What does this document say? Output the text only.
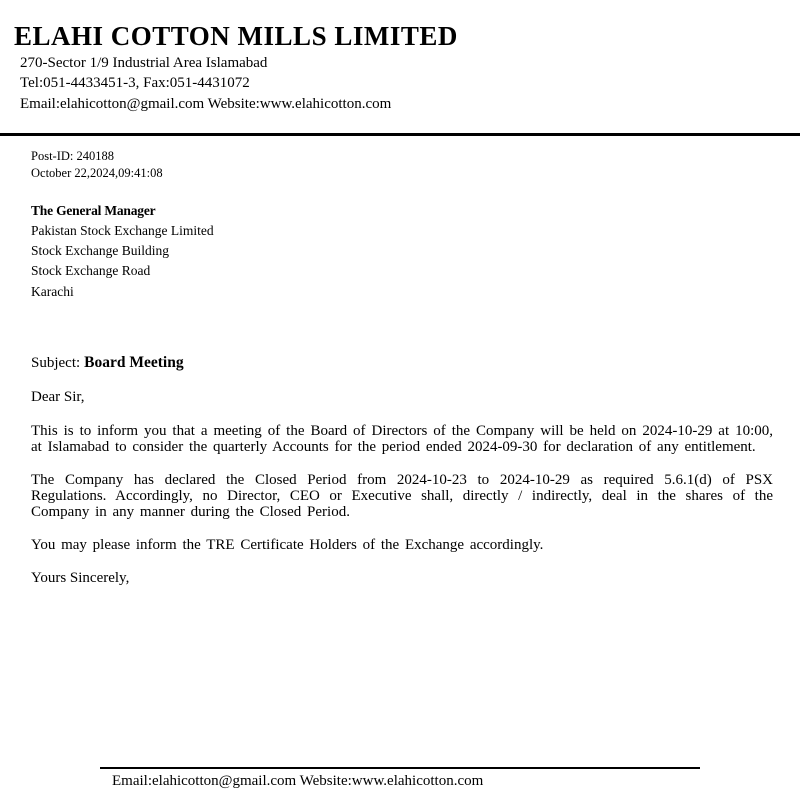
ELAHI COTTON MILLS LIMITED
270-Sector 1/9 Industrial Area Islamabad
Tel:051-4433451-3, Fax:051-4431072
Email:elahicotton@gmail.com Website:www.elahicotton.com
Post-ID: 240188
October 22,2024,09:41:08
The General Manager
Pakistan Stock Exchange Limited
Stock Exchange Building
Stock Exchange Road
Karachi
Subject: Board Meeting
Dear Sir,
This is to inform you that a meeting of the Board of Directors of the Company will be held on 2024-10-29 at 10:00, at Islamabad to consider the quarterly Accounts for the period ended 2024-09-30 for declaration of any entitlement.
The Company has declared the Closed Period from 2024-10-23 to 2024-10-29 as required 5.6.1(d) of PSX Regulations. Accordingly, no Director, CEO or Executive shall, directly / indirectly, deal in the shares of the Company in any manner during the Closed Period.
You may please inform the TRE Certificate Holders of the Exchange accordingly.
Yours Sincerely,
Email:elahicotton@gmail.com Website:www.elahicotton.com
